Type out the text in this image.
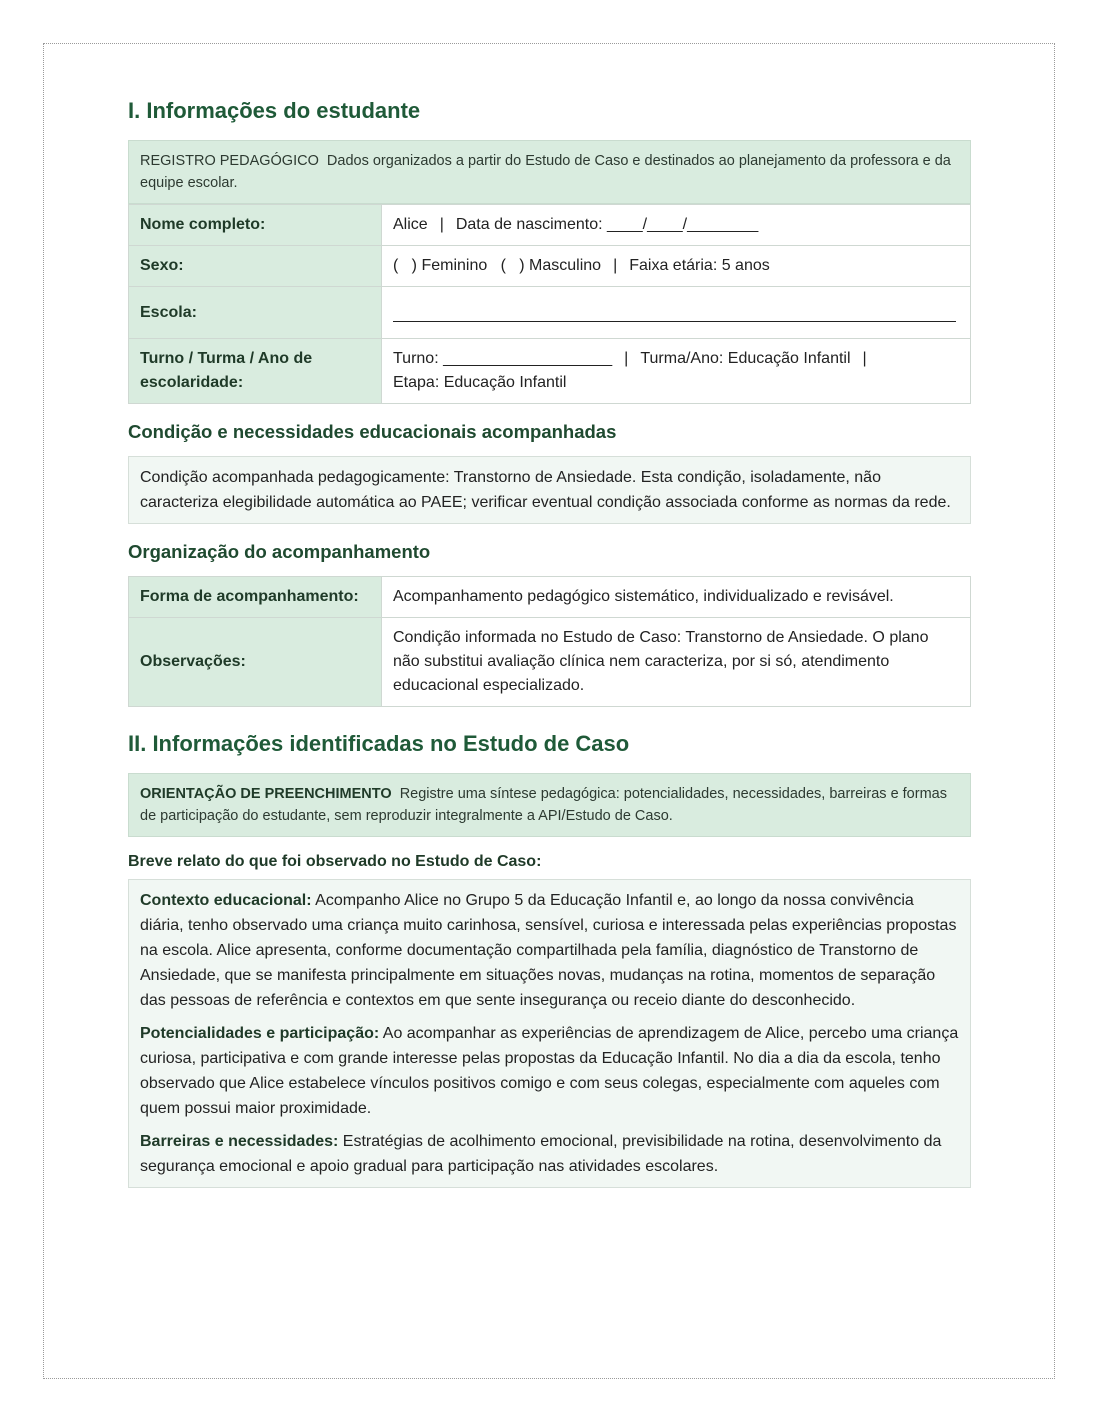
I. Informações do estudante
REGISTRO PEDAGÓGICO Dados organizados a partir do Estudo de Caso e destinados ao planejamento da professora e da equipe escolar.
Nome completo:	Alice | Data de nascimento: ____/____/________
Sexo:	(   ) Feminino (   ) Masculino | Faixa etária: 5 anos
Escola:	
Turno / Turma / Ano de escolaridade:	Turno: ___________________ | Turma/Ano: Educação Infantil |
Etapa: Educação Infantil
Condição e necessidades educacionais acompanhadas
Condição acompanhada pedagogicamente: Transtorno de Ansiedade. Esta condição, isoladamente, não caracteriza elegibilidade automática ao PAEE; verificar eventual condição associada conforme as normas da rede.
Organização do acompanhamento
Forma de acompanhamento:	Acompanhamento pedagógico sistemático, individualizado e revisável.
Observações:	Condição informada no Estudo de Caso: Transtorno de Ansiedade. O plano não substitui avaliação clínica nem caracteriza, por si só, atendimento educacional especializado.
II. Informações identificadas no Estudo de Caso
ORIENTAÇÃO DE PREENCHIMENTO Registre uma síntese pedagógica: potencialidades, necessidades, barreiras e formas de participação do estudante, sem reproduzir integralmente a API/Estudo de Caso.
Breve relato do que foi observado no Estudo de Caso:

Contexto educacional: Acompanho Alice no Grupo 5 da Educação Infantil e, ao longo da nossa convivência diária, tenho observado uma criança muito carinhosa, sensível, curiosa e interessada pelas experiências propostas na escola. Alice apresenta, conforme documentação compartilhada pela família, diagnóstico de Transtorno de Ansiedade, que se manifesta principalmente em situações novas, mudanças na rotina, momentos de separação das pessoas de referência e contextos em que sente insegurança ou receio diante do desconhecido.

Potencialidades e participação: Ao acompanhar as experiências de aprendizagem de Alice, percebo uma criança curiosa, participativa e com grande interesse pelas propostas da Educação Infantil. No dia a dia da escola, tenho observado que Alice estabelece vínculos positivos comigo e com seus colegas, especialmente com aqueles com quem possui maior proximidade.

Barreiras e necessidades: Estratégias de acolhimento emocional, previsibilidade na rotina, desenvolvimento da segurança emocional e apoio gradual para participação nas atividades escolares.
